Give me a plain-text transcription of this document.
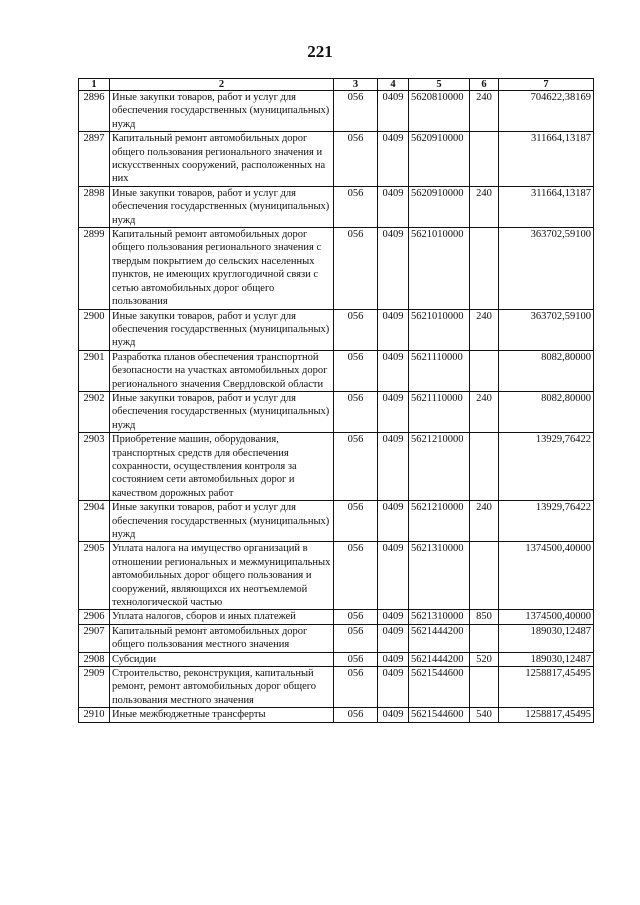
221
1	2	3	4	5	6	7
2896	Иные закупки товаров, работ и услуг для обеспечения государственных (муниципальных) нужд	056	0409	5620810000	240	704622,38169
2897	Капитальный ремонт автомобильных дорог общего пользования регионального значения и искусственных сооружений, расположенных на них	056	0409	5620910000		311664,13187
2898	Иные закупки товаров, работ и услуг для обеспечения государственных (муниципальных) нужд	056	0409	5620910000	240	311664,13187
2899	Капитальный ремонт автомобильных дорог общего пользования регионального значения с твердым покрытием до сельских населенных пунктов, не имеющих круглогодичной связи с сетью автомобильных дорог общего пользования	056	0409	5621010000		363702,59100
2900	Иные закупки товаров, работ и услуг для обеспечения государственных (муниципальных) нужд	056	0409	5621010000	240	363702,59100
2901	Разработка планов обеспечения транспортной безопасности на участках автомобильных дорог регионального значения Свердловской области	056	0409	5621110000		8082,80000
2902	Иные закупки товаров, работ и услуг для обеспечения государственных (муниципальных) нужд	056	0409	5621110000	240	8082,80000
2903	Приобретение машин, оборудования, транспортных средств для обеспечения сохранности, осуществления контроля за состоянием сети автомобильных дорог и качеством дорожных работ	056	0409	5621210000		13929,76422
2904	Иные закупки товаров, работ и услуг для обеспечения государственных (муниципальных) нужд	056	0409	5621210000	240	13929,76422
2905	Уплата налога на имущество организаций в отношении региональных и межмуниципальных автомобильных дорог общего пользования и сооружений, являющихся их неотъемлемой технологической частью	056	0409	5621310000		1374500,40000
2906	Уплата налогов, сборов и иных платежей	056	0409	5621310000	850	1374500,40000
2907	Капитальный ремонт автомобильных дорог общего пользования местного значения	056	0409	5621444200		189030,12487
2908	Субсидии	056	0409	5621444200	520	189030,12487
2909	Строительство, реконструкция, капитальный ремонт, ремонт автомобильных дорог общего пользования местного значения	056	0409	5621544600		1258817,45495
2910	Иные межбюджетные трансферты	056	0409	5621544600	540	1258817,45495
